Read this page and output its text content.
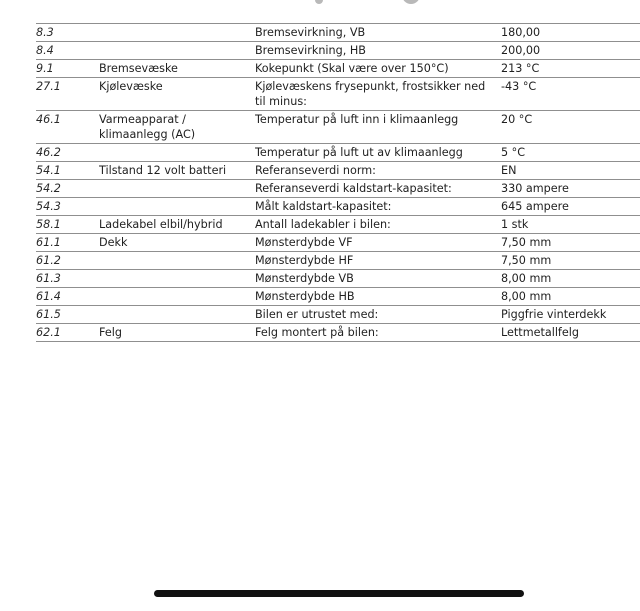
8.3		Bremsevirkning, VB	180,00
8.4		Bremsevirkning, HB	200,00
9.1	Bremsevæske	Kokepunkt (Skal være over 150°C)	213 °C
27.1	Kjølevæske	Kjølevæskens frysepunkt, frostsikker ned til minus:	-43 °C
46.1	Varmeapparat / klimaanlegg (AC)	Temperatur på luft inn i klimaanlegg	20 °C
46.2		Temperatur på luft ut av klimaanlegg	5 °C
54.1	Tilstand 12 volt batteri	Referanseverdi norm:	EN
54.2		Referanseverdi kaldstart-kapasitet:	330 ampere
54.3		Målt kaldstart-kapasitet:	645 ampere
58.1	Ladekabel elbil/hybrid	Antall ladekabler i bilen:	1 stk
61.1	Dekk	Mønsterdybde VF	7,50 mm
61.2		Mønsterdybde HF	7,50 mm
61.3		Mønsterdybde VB	8,00 mm
61.4		Mønsterdybde HB	8,00 mm
61.5		Bilen er utrustet med:	Piggfrie vinterdekk
62.1	Felg	Felg montert på bilen:	Lettmetallfelg
